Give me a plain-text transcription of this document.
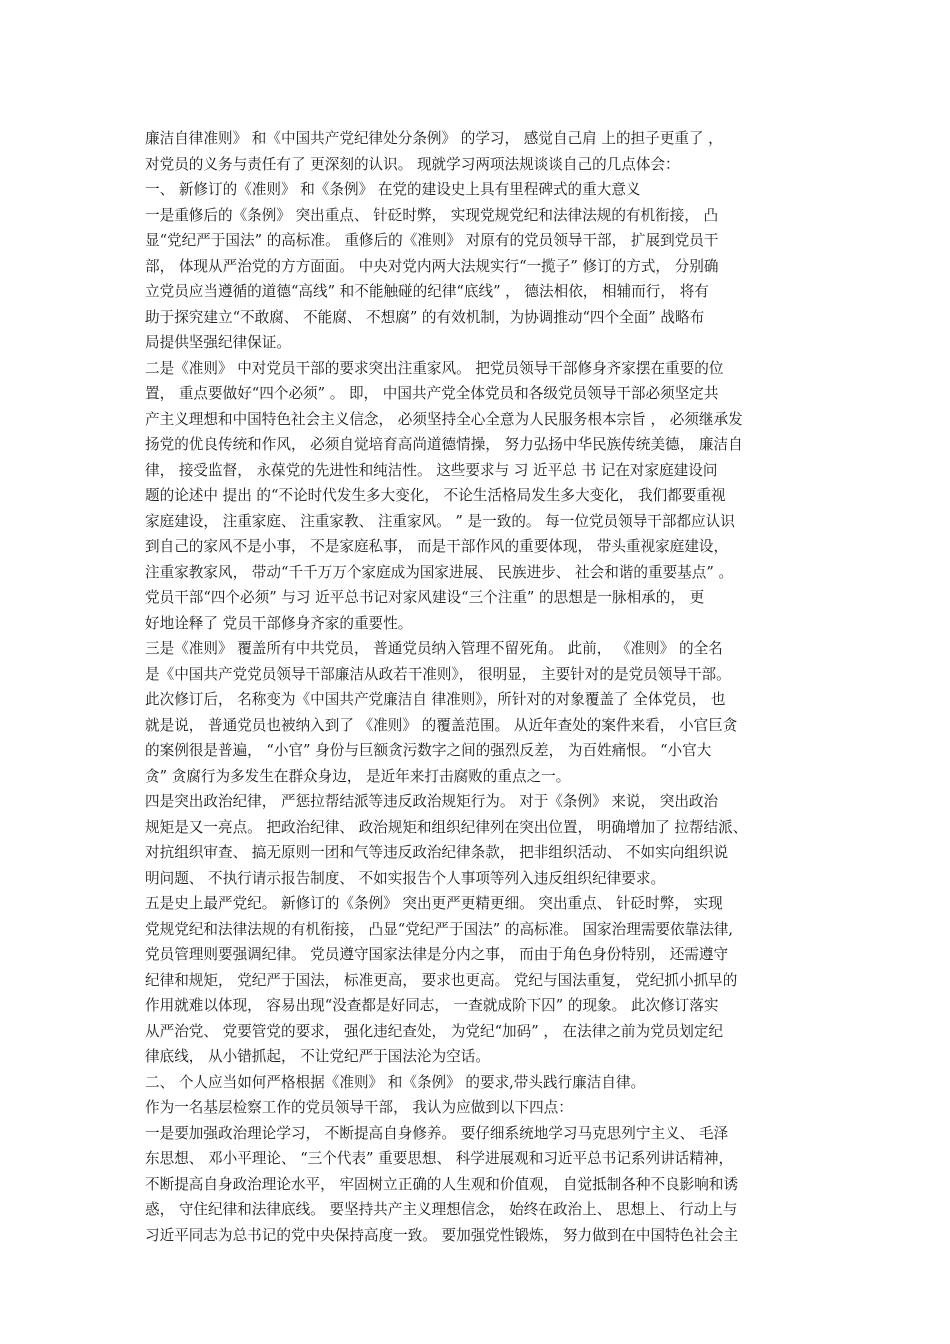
廉洁自律准则》 和《中国共产党纪律处分条例》 的学习， 感觉自己肩 上的担子更重了 ，
对党员的义务与责任有了 更深刻的认识。 现就学习两项法规谈谈自己的几点体会：
一、 新修订的《准则》 和《条例》 在党的建设史上具有里程碑式的重大意义
一是重修后的《条例》 突出重点、 针砭时弊， 实现党规党纪和法律法规的有机衔接， 凸
显“党纪严于国法” 的高标准。 重修后的《准则》 对原有的党员领导干部， 扩展到党员干
部， 体现从严治党的方方面面。 中央对党内两大法规实行“一揽子” 修订的方式， 分别确
立党员应当遵循的道德“高线” 和不能触碰的纪律“底线” ， 德法相依， 相辅而行， 将有
助于探究建立“不敢腐、 不能腐、 不想腐” 的有效机制，为协调推动“四个全面” 战略布
局提供坚强纪律保证。
二是《准则》 中对党员干部的要求突出注重家风。 把党员领导干部修身齐家摆在重要的位
置， 重点要做好“四个必须” 。 即， 中国共产党全体党员和各级党员领导干部必须坚定共
产主义理想和中国特色社会主义信念， 必须坚持全心全意为人民服务根本宗旨 ， 必须继承发
扬党的优良传统和作风， 必须自觉培育高尚道德情操， 努力弘扬中华民族传统美德， 廉洁自
律， 接受监督， 永葆党的先进性和纯洁性。 这些要求与 习 近平总 书 记在对家庭建设问
题的论述中 提出 的“不论时代发生多大变化， 不论生活格局发生多大变化， 我们都要重视
家庭建设， 注重家庭、 注重家教、 注重家风。 ” 是一致的。 每一位党员领导干部都应认识
到自己的家风不是小事， 不是家庭私事， 而是干部作风的重要体现， 带头重视家庭建设，
注重家教家风， 带动“千千万万个家庭成为国家进展、 民族进步、 社会和谐的重要基点” 。
党员干部“四个必须” 与习 近平总书记对家风建设“三个注重” 的思想是一脉相承的， 更
好地诠释了 党员干部修身齐家的重要性。
三是《准则》 覆盖所有中共党员， 普通党员纳入管理不留死角。 此前， 《准则》 的全名
是《中国共产党党员领导干部廉洁从政若干准则》， 很明显， 主要针对的是党员领导干部。
此次修订后， 名称变为《中国共产党廉洁自 律准则》，所针对的对象覆盖了 全体党员， 也
就是说， 普通党员也被纳入到了 《准则》 的覆盖范围。 从近年查处的案件来看， 小官巨贪
的案例很是普遍， “小官” 身份与巨额贪污数字之间的强烈反差， 为百姓痛恨。 “小官大
贪” 贪腐行为多发生在群众身边， 是近年来打击腐败的重点之一。
四是突出政治纪律， 严惩拉帮结派等违反政治规矩行为。 对于《条例》 来说， 突出政治
规矩是又一亮点。 把政治纪律、 政治规矩和组织纪律列在突出位置， 明确增加了 拉帮结派、
对抗组织审查、 搞无原则一团和气等违反政治纪律条款， 把非组织活动、 不如实向组织说
明问题、 不执行请示报告制度、 不如实报告个人事项等列入违反组织纪律要求。
五是史上最严党纪。 新修订的《条例》 突出更严更精更细。 突出重点、 针砭时弊， 实现
党规党纪和法律法规的有机衔接， 凸显“党纪严于国法” 的高标准。 国家治理需要依靠法律,
党员管理则要强调纪律。 党员遵守国家法律是分内之事， 而由于角色身份特别， 还需遵守
纪律和规矩， 党纪严于国法， 标准更高， 要求也更高。 党纪与国法重复， 党纪抓小抓早的
作用就难以体现， 容易出现“没查都是好同志， 一查就成阶下囚” 的现象。 此次修订落实
从严治党、 党要管党的要求， 强化违纪查处， 为党纪“加码” ， 在法律之前为党员划定纪
律底线， 从小错抓起， 不让党纪严于国法沦为空话。
二、 个人应当如何严格根据《准则》 和《条例》 的要求,带头践行廉洁自律。
作为一名基层检察工作的党员领导干部， 我认为应做到以下四点：
一是要加强政治理论学习， 不断提高自身修养。 要仔细系统地学习马克思列宁主义、 毛泽
东思想、 邓小平理论、 “三个代表” 重要思想、 科学进展观和习近平总书记系列讲话精神，
不断提高自身政治理论水平， 牢固树立正确的人生观和价值观， 自觉抵制各种不良影响和诱
惑， 守住纪律和法律底线。 要坚持共产主义理想信念， 始终在政治上、 思想上、 行动上与
习近平同志为总书记的党中央保持高度一致。 要加强党性锻炼， 努力做到在中国特色社会主
